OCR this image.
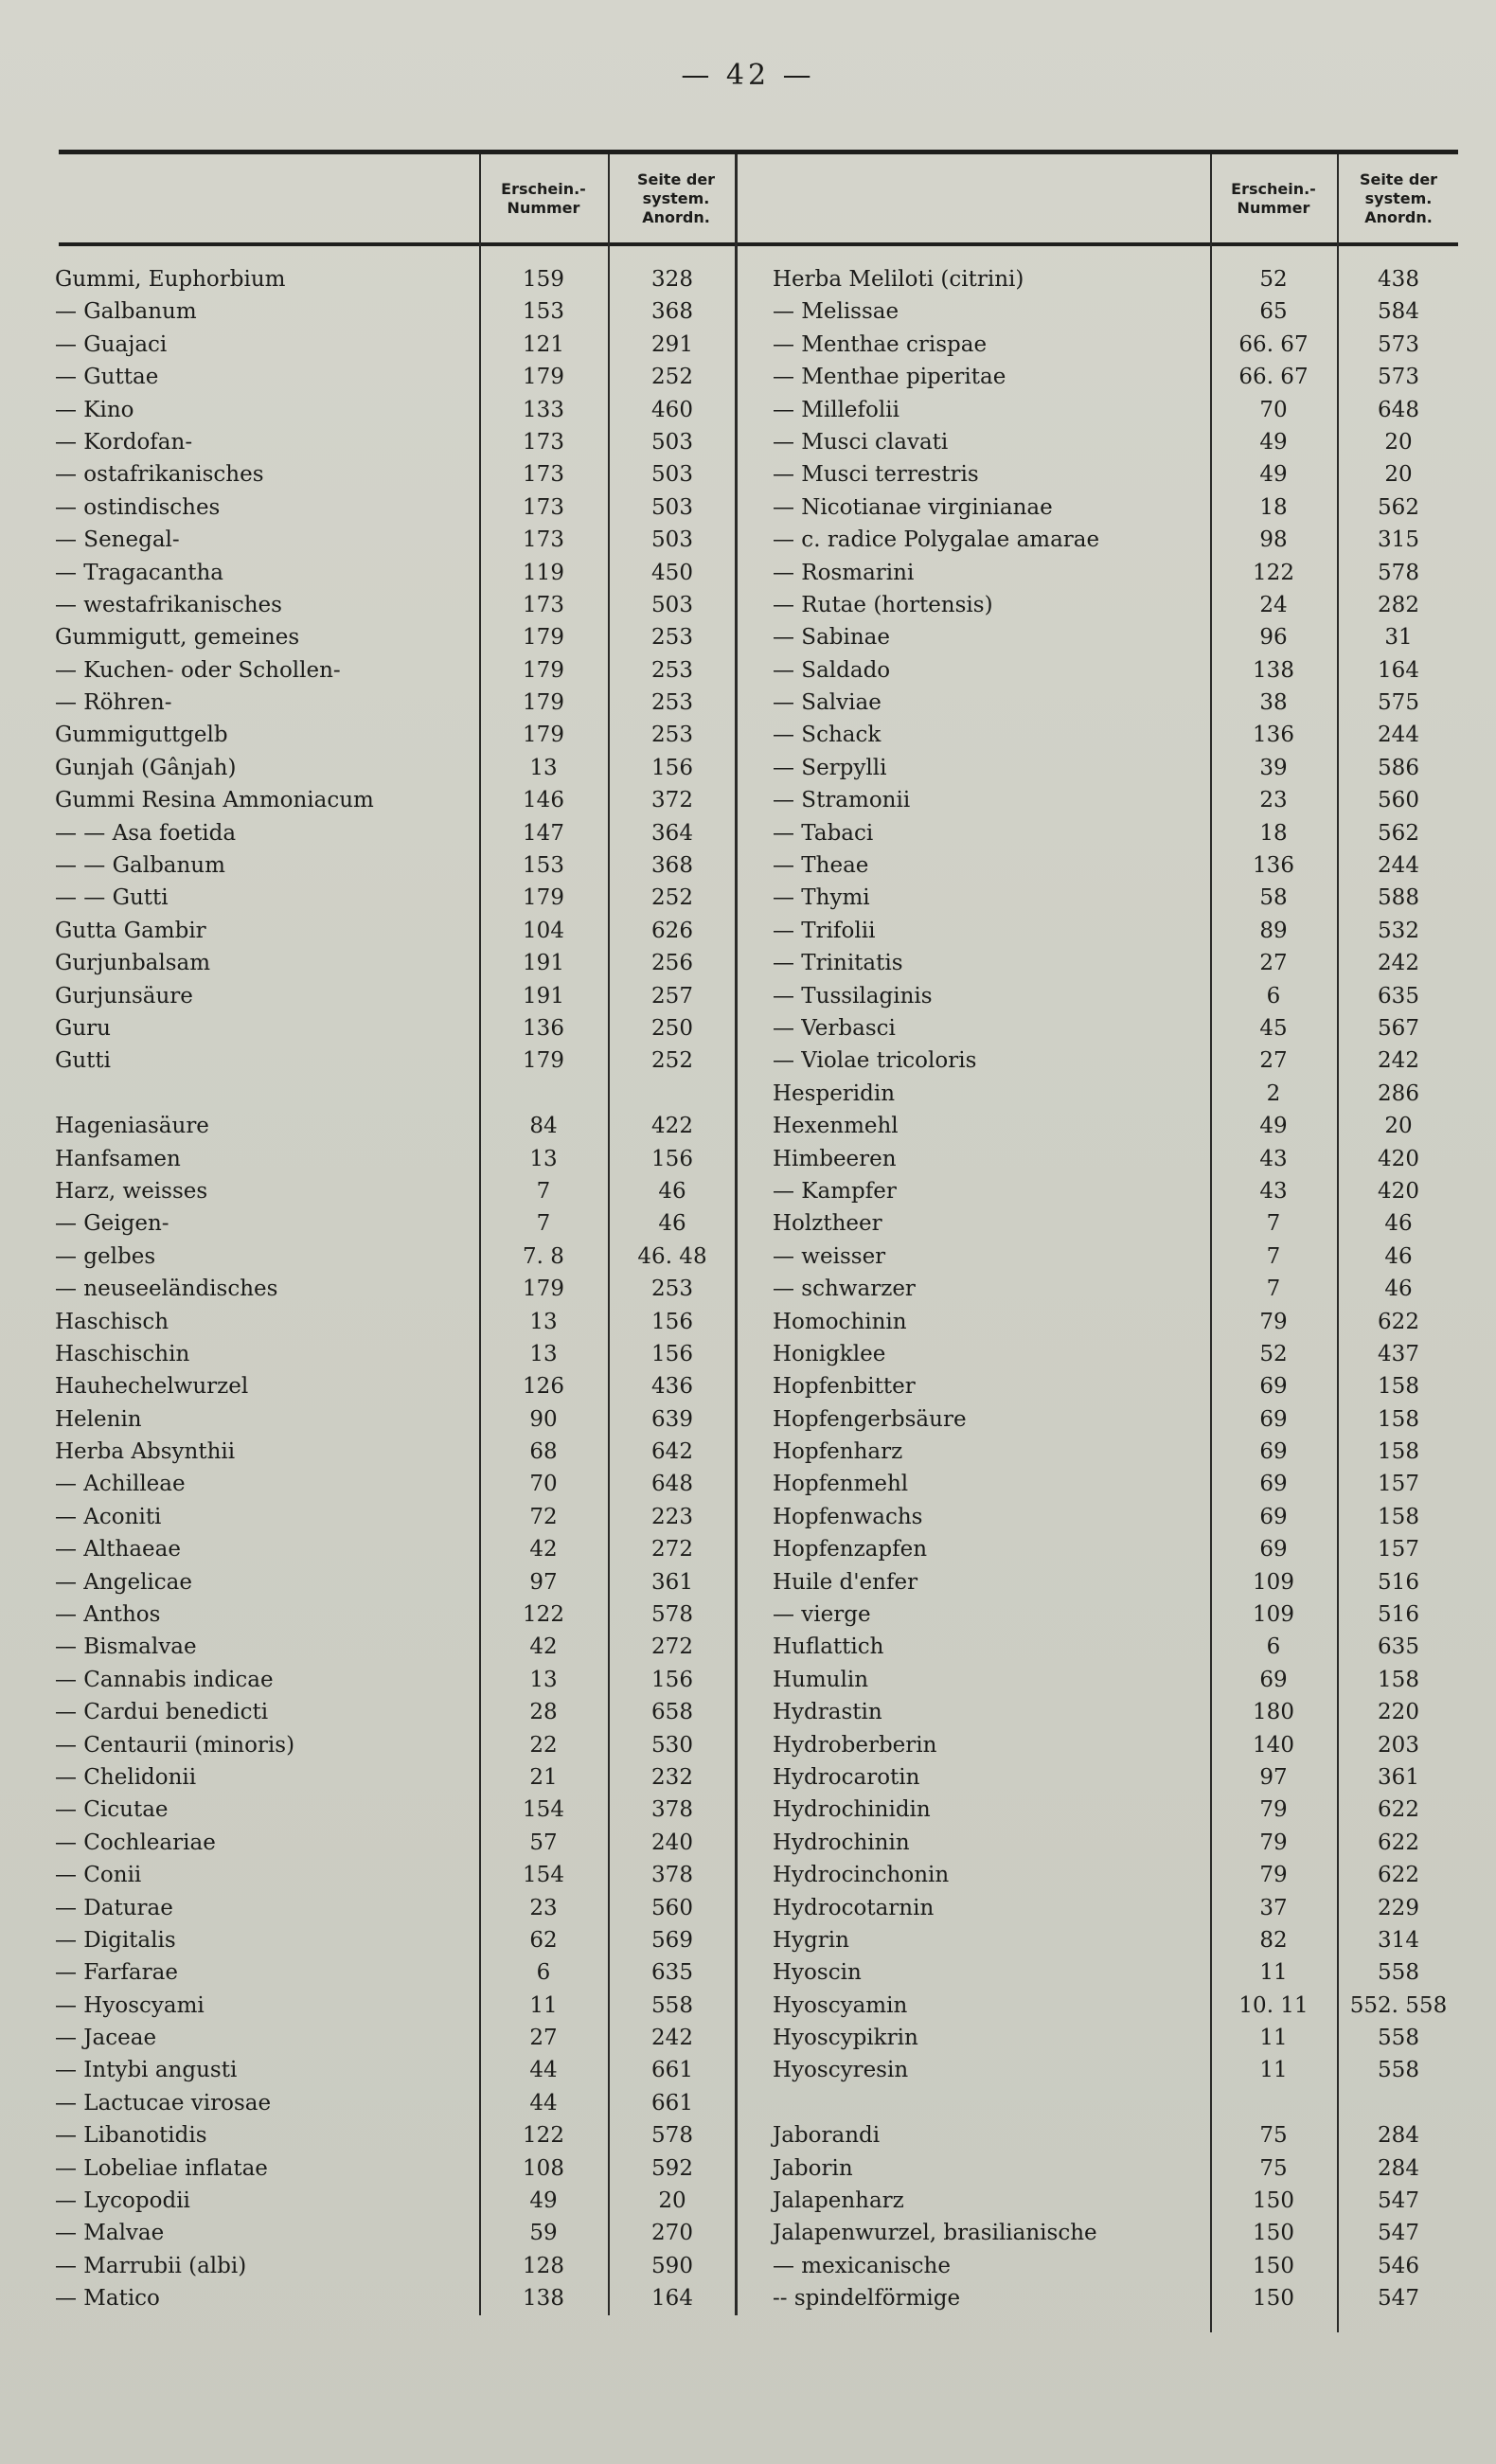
— 42 —
Erschein.-
Nummer
Seite der
system.
Anordn.
Erschein.-
Nummer
Seite der
system.
Anordn.
Gummi, Euphorbium
— Galbanum
— Guajaci
— Guttae
— Kino
— Kordofan-
— ostafrikanisches
— ostindisches
— Senegal-
— Tragacantha
— westafrikanisches
Gummigutt, gemeines
— Kuchen- oder Schollen-
— Röhren-
Gummiguttgelb
Gunjah (Gânjah)
Gummi Resina Ammoniacum
— — Asa foetida
— — Galbanum
— — Gutti
Gutta Gambir
Gurjunbalsam
Gurjunsäure
Guru
Gutti
Hageniasäure
Hanfsamen
Harz, weisses
— Geigen-
— gelbes
— neuseeländisches
Haschisch
Haschischin
Hauhechelwurzel
Helenin
Herba Absynthii
— Achilleae
— Aconiti
— Althaeae
— Angelicae
— Anthos
— Bismalvae
— Cannabis indicae
— Cardui benedicti
— Centaurii (minoris)
— Chelidonii
— Cicutae
— Cochleariae
— Conii
— Daturae
— Digitalis
— Farfarae
— Hyoscyami
— Jaceae
— Intybi angusti
— Lactucae virosae
— Libanotidis
— Lobeliae inflatae
— Lycopodii
— Malvae
— Marrubii (albi)
— Matico
159
153
121
179
133
173
173
173
173
119
173
179
179
179
179
13
146
147
153
179
104
191
191
136
179
84
13
7
7
7. 8
179
13
13
126
90
68
70
72
42
97
122
42
13
28
22
21
154
57
154
23
62
6
11
27
44
44
122
108
49
59
128
138
328
368
291
252
460
503
503
503
503
450
503
253
253
253
253
156
372
364
368
252
626
256
257
250
252
422
156
46
46
46. 48
253
156
156
436
639
642
648
223
272
361
578
272
156
658
530
232
378
240
378
560
569
635
558
242
661
661
578
592
20
270
590
164
Herba Meliloti (citrini)
— Melissae
— Menthae crispae
— Menthae piperitae
— Millefolii
— Musci clavati
— Musci terrestris
— Nicotianae virginianae
— c. radice Polygalae amarae
— Rosmarini
— Rutae (hortensis)
— Sabinae
— Saldado
— Salviae
— Schack
— Serpylli
— Stramonii
— Tabaci
— Theae
— Thymi
— Trifolii
— Trinitatis
— Tussilaginis
— Verbasci
— Violae tricoloris
Hesperidin
Hexenmehl
Himbeeren
— Kampfer
Holztheer
— weisser
— schwarzer
Homochinin
Honigklee
Hopfenbitter
Hopfengerbsäure
Hopfenharz
Hopfenmehl
Hopfenwachs
Hopfenzapfen
Huile d'enfer
— vierge
Huflattich
Humulin
Hydrastin
Hydroberberin
Hydrocarotin
Hydrochinidin
Hydrochinin
Hydrocinchonin
Hydrocotarnin
Hygrin
Hyoscin
Hyoscyamin
Hyoscypikrin
Hyoscyresin
Jaborandi
Jaborin
Jalapenharz
Jalapenwurzel, brasilianische
— mexicanische
-- spindelförmige
52
65
66. 67
66. 67
70
49
49
18
98
122
24
96
138
38
136
39
23
18
136
58
89
27
6
45
27
2
49
43
43
7
7
7
79
52
69
69
69
69
69
69
109
109
6
69
180
140
97
79
79
79
37
82
11
10. 11
11
11
75
75
150
150
150
150
438
584
573
573
648
20
20
562
315
578
282
31
164
575
244
586
560
562
244
588
532
242
635
567
242
286
20
420
420
46
46
46
622
437
158
158
158
157
158
157
516
516
635
158
220
203
361
622
622
622
229
314
558
552. 558
558
558
284
284
547
547
546
547
